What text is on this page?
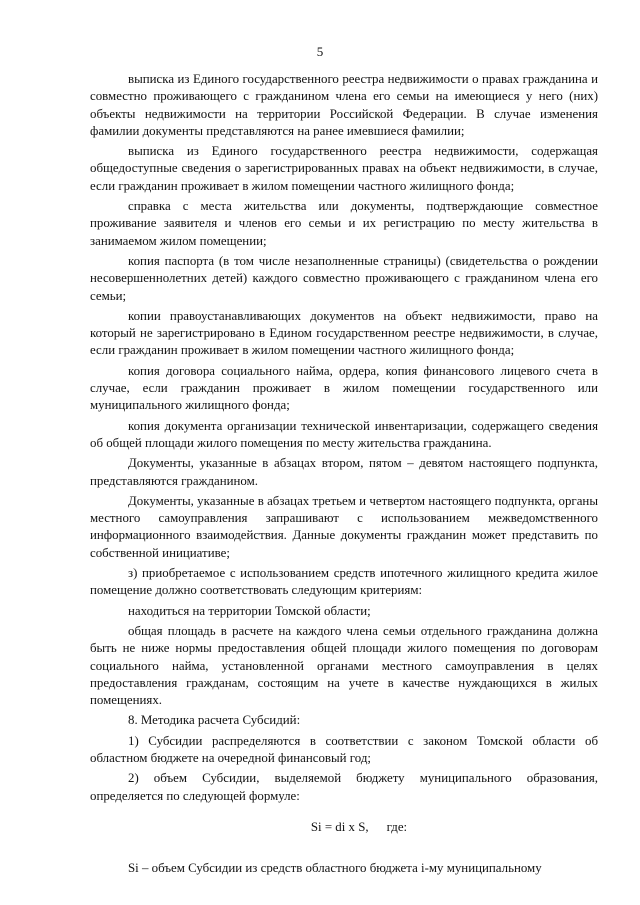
5

выписка из Единого государственного реестра недвижимости о правах гражданина и совместно проживающего с гражданином члена его семьи на имеющиеся у него (них) объекты недвижимости на территории Российской Федерации. В случае изменения фамилии документы представляются на ранее имевшиеся фамилии;

выписка из Единого государственного реестра недвижимости, содержащая общедоступные сведения о зарегистрированных правах на объект недвижимости, в случае, если гражданин проживает в жилом помещении частного жилищного фонда;

справка с места жительства или документы, подтверждающие совместное проживание заявителя и членов его семьи и их регистрацию по месту жительства в занимаемом жилом помещении;

копия паспорта (в том числе незаполненные страницы) (свидетельства о рождении несовершеннолетних детей) каждого совместно проживающего с гражданином члена его семьи;

копии правоустанавливающих документов на объект недвижимости, право на который не зарегистрировано в Едином государственном реестре недвижимости, в случае, если гражданин проживает в жилом помещении частного жилищного фонда;

копия договора социального найма, ордера, копия финансового лицевого счета в случае, если гражданин проживает в жилом помещении государственного или муниципального жилищного фонда;

копия документа организации технической инвентаризации, содержащего сведения об общей площади жилого помещения по месту жительства гражданина.

Документы, указанные в абзацах втором, пятом – девятом настоящего подпункта, представляются гражданином.

Документы, указанные в абзацах третьем и четвертом настоящего подпункта, органы местного самоуправления запрашивают с использованием межведомственного информационного взаимодействия. Данные документы гражданин может представить по собственной инициативе;

з) приобретаемое с использованием средств ипотечного жилищного кредита жилое помещение должно соответствовать следующим критериям:

находиться на территории Томской области;

общая площадь в расчете на каждого члена семьи отдельного гражданина должна быть не ниже нормы предоставления общей площади жилого помещения по договорам социального найма, установленной органами местного самоуправления в целях предоставления гражданам, состоящим на учете в качестве нуждающихся в жилых помещениях.

8. Методика расчета Субсидий:

1) Субсидии распределяются в соответствии с законом Томской области об областном бюджете на очередной финансовый год;

2) объем Субсидии, выделяемой бюджету муниципального образования, определяется по следующей формуле:

Si = di x S, где:

Si – объем Субсидии из средств областного бюджета i-му муниципальному
